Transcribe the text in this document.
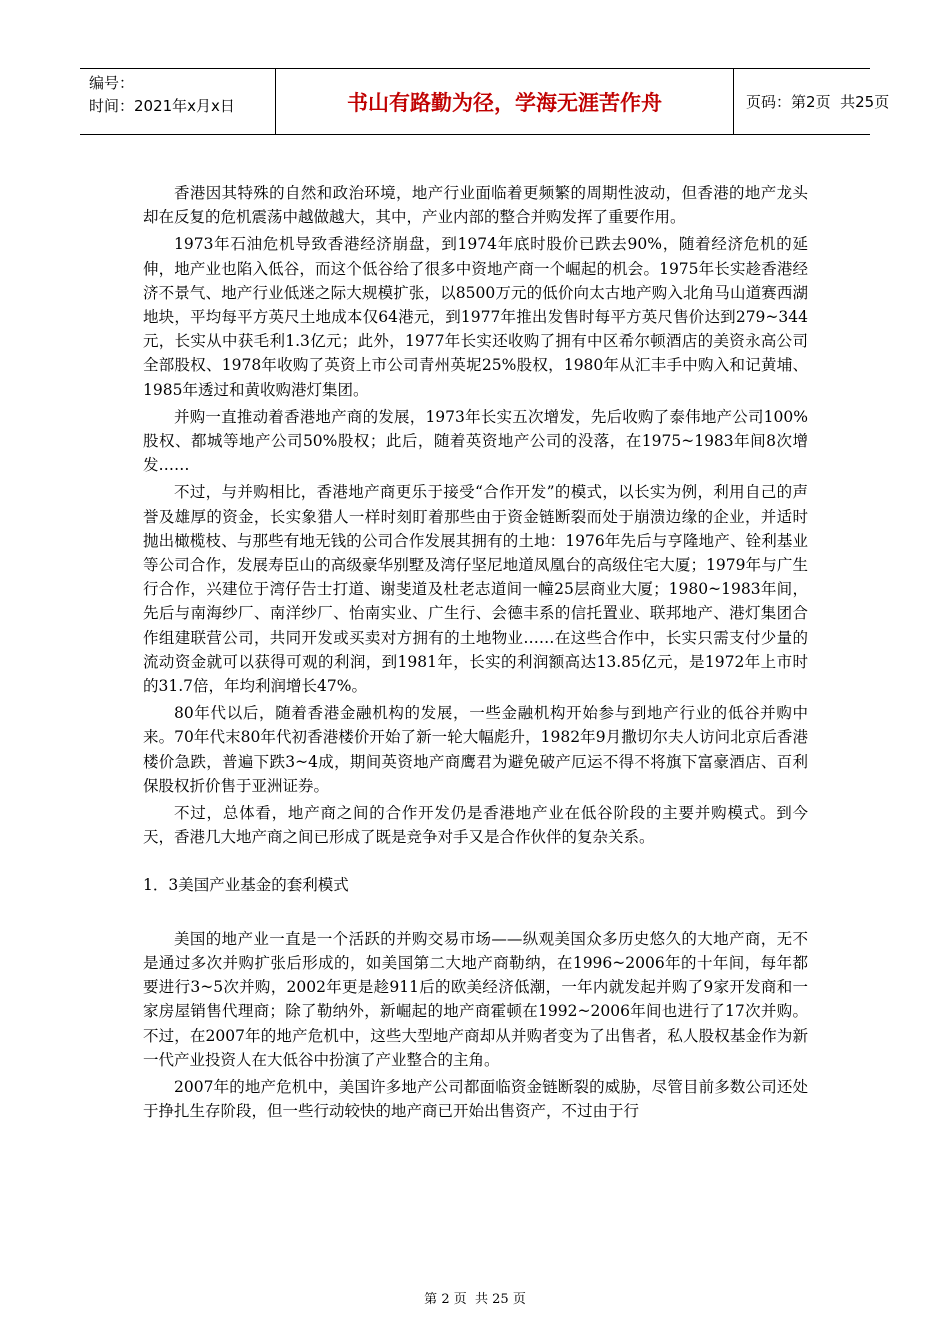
编号：
时间：2021年x月x日	书山有路勤为径，学海无涯苦作舟	页码：第 2 页  共 25 页

香港因其特殊的自然和政治环境，地产行业面临着更频繁的周期性波动，但香港的地产龙头却在反复的危机震荡中越做越大，其中，产业内部的整合并购发挥了重要作用。

1973年石油危机导致香港经济崩盘，到1974年底时股价已跌去90%，随着经济危机的延伸，地产业也陷入低谷，而这个低谷给了很多中资地产商一个崛起的机会。1975年长实趁香港经济不景气、地产行业低迷之际大规模扩张，以8500万元的低价向太古地产购入北角马山道赛西湖地块，平均每平方英尺土地成本仅64港元，到1977年推出发售时每平方英尺售价达到279~344元，长实从中获毛利1.3亿元；此外，1977年长实还收购了拥有中区希尔顿酒店的美资永高公司全部股权、1978年收购了英资上市公司青州英坭25%股权，1980年从汇丰手中购入和记黄埔、1985年透过和黄收购港灯集团。

并购一直推动着香港地产商的发展，1973年长实五次增发，先后收购了泰伟地产公司100%股权、都城等地产公司50%股权；此后，随着英资地产公司的没落，在1975~1983年间8次增发……

不过，与并购相比，香港地产商更乐于接受“合作开发”的模式，以长实为例，利用自己的声誉及雄厚的资金，长实象猎人一样时刻盯着那些由于资金链断裂而处于崩溃边缘的企业，并适时抛出橄榄枝、与那些有地无钱的公司合作发展其拥有的土地：1976年先后与亨隆地产、铨利基业等公司合作，发展寿臣山的高级豪华别墅及湾仔坚尼地道凤凰台的高级住宅大厦；1979年与广生行合作，兴建位于湾仔告士打道、谢斐道及杜老志道间一幢25层商业大厦；1980~1983年间，先后与南海纱厂、南洋纱厂、怡南实业、广生行、会德丰系的信托置业、联邦地产、港灯集团合作组建联营公司，共同开发或买卖对方拥有的土地物业……在这些合作中，长实只需支付少量的流动资金就可以获得可观的利润，到1981年，长实的利润额高达13.85亿元，是1972年上市时的31.7倍，年均利润增长47%。

80年代以后，随着香港金融机构的发展，一些金融机构开始参与到地产行业的低谷并购中来。70年代末80年代初香港楼价开始了新一轮大幅彪升，1982年9月撒切尔夫人访问北京后香港楼价急跌，普遍下跌3~4成，期间英资地产商鹰君为避免破产厄运不得不将旗下富豪酒店、百利保股权折价售于亚洲证券。

不过，总体看，地产商之间的合作开发仍是香港地产业在低谷阶段的主要并购模式。到今天，香港几大地产商之间已形成了既是竞争对手又是合作伙伴的复杂关系。

1．3美国产业基金的套利模式

美国的地产业一直是一个活跃的并购交易市场——纵观美国众多历史悠久的大地产商，无不是通过多次并购扩张后形成的，如美国第二大地产商勒纳，在1996~2006年的十年间，每年都要进行3~5次并购，2002年更是趁911后的欧美经济低潮，一年内就发起并购了9家开发商和一家房屋销售代理商；除了勒纳外，新崛起的地产商霍顿在1992~2006年间也进行了17次并购。不过，在2007年的地产危机中，这些大型地产商却从并购者变为了出售者，私人股权基金作为新一代产业投资人在大低谷中扮演了产业整合的主角。

2007年的地产危机中，美国许多地产公司都面临资金链断裂的威胁，尽管目前多数公司还处于挣扎生存阶段，但一些行动较快的地产商已开始出售资产，不过由于行

第 2 页  共 25 页
